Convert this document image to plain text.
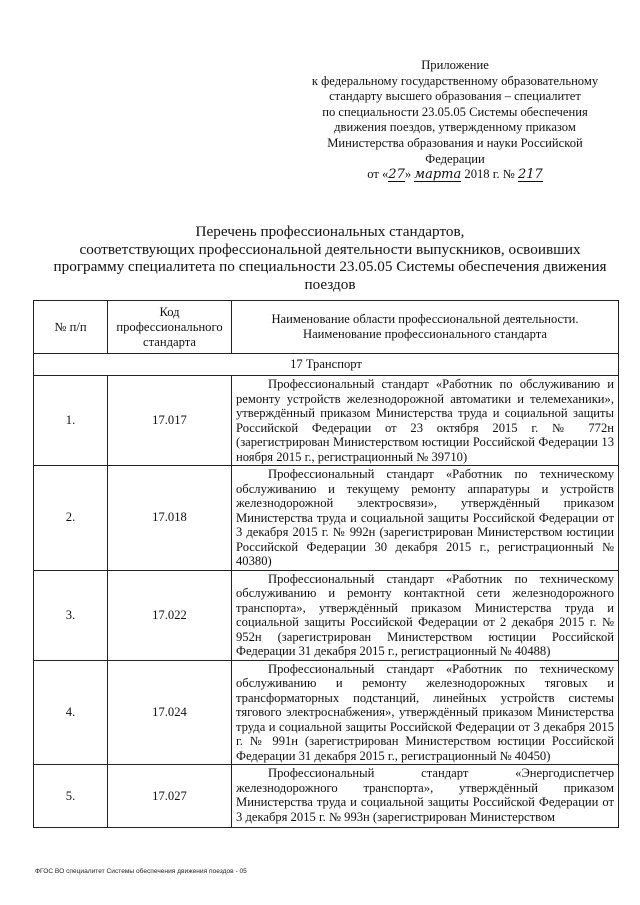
Приложение
к федеральному государственному образовательному
стандарту высшего образования – специалитет
по специальности 23.05.05 Системы обеспечения
движения поездов, утвержденному приказом
Министерства образования и науки Российской
Федерации
от «27» марта 2018 г. № 217
Перечень профессиональных стандартов,
соответствующих профессиональной деятельности выпускников, освоивших
программу специалитета по специальности 23.05.05 Системы обеспечения движения
поездов
№ п/п	Код профессионального стандарта	Наименование области профессиональной деятельности. Наименование профессионального стандарта
17 Транспорт		
1.	17.017	Профессиональный стандарт «Работник по обслуживанию и ремонту устройств железнодорожной автоматики и телемеханики», утверждённый приказом Министерства труда и социальной защиты Российской Федерации от 23 октября 2015 г. № 772н (зарегистрирован Министерством юстиции Российской Федерации 13 ноября 2015 г., регистрационный № 39710)

2.	17.018	Профессиональный стандарт «Работник по техническому обслуживанию и текущему ремонту аппаратуры и устройств железнодорожной электросвязи», утверждённый приказом Министерства труда и социальной защиты Российской Федерации от 3 декабря 2015 г. № 992н (зарегистрирован Министерством юстиции Российской Федерации 30 декабря 2015 г., регистрационный № 40380)

3.	17.022	Профессиональный стандарт «Работник по техническому обслуживанию и ремонту контактной сети железнодорожного транспорта», утверждённый приказом Министерства труда и социальной защиты Российской Федерации от 2 декабря 2015 г. № 952н (зарегистрирован Министерством юстиции Российской Федерации 31 декабря 2015 г., регистрационный № 40488)

4.	17.024	Профессиональный стандарт «Работник по техническому обслуживанию и ремонту железнодорожных тяговых и трансформаторных подстанций, линейных устройств системы тягового электроснабжения», утверждённый приказом Министерства труда и социальной защиты Российской Федерации от 3 декабря 2015 г. № 991н (зарегистрирован Министерством юстиции Российской Федерации 31 декабря 2015 г., регистрационный № 40450)

5.	17.027	Профессиональный стандарт «Энергодиспетчер железнодорожного транспорта», утверждённый приказом Министерства труда и социальной защиты Российской Федерации от 3 декабря 2015 г. № 993н (зарегистрирован Министерством
ФГОС ВО специалитет Системы обеспечения движения поездов - 05
